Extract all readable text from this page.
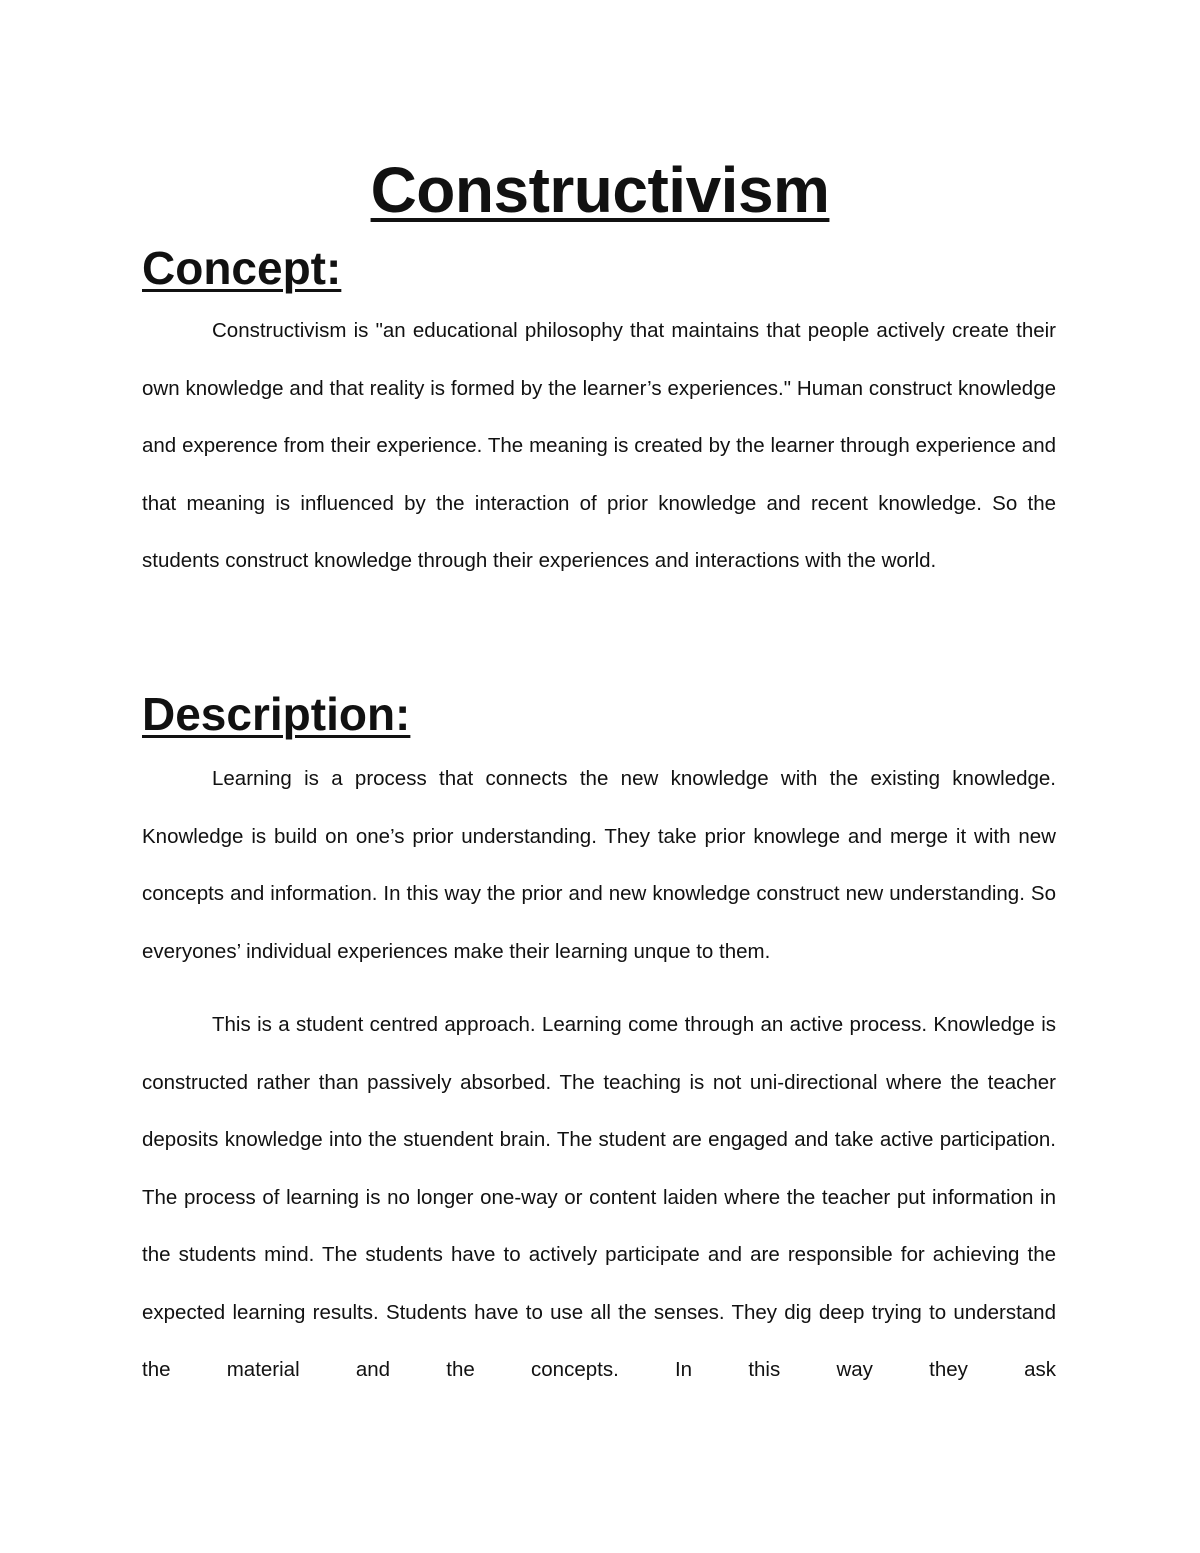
Constructivism
Concept:

Constructivism is "an educational philosophy that maintains that people actively create their own knowledge and that reality is formed by the learner’s experiences." Human construct knowledge and experence from their experience. The meaning is created by the learner through experience and that meaning is influenced by the interaction of prior knowledge and recent knowledge. So the students construct knowledge through their experiences and interactions with the world.

Description:

Learning is a process that connects the new knowledge with the existing knowledge. Knowledge is build on one’s prior understanding. They take prior knowlege and merge it with new concepts and information. In this way the prior and new knowledge construct new understanding. So everyones’ individual experiences make their learning unque to them.

This is a student centred approach. Learning come through an active process. Knowledge is constructed rather than passively absorbed. The teaching is not uni-directional where the teacher deposits knowledge into the stuendent brain. The student are engaged and take active participation. The process of learning is no longer one-way or content laiden where the teacher put information in the students mind. The students have to actively participate and are responsible for achieving the expected learning results. Students have to use all the senses. They dig deep trying to understand the material and the concepts. In this way they ask
